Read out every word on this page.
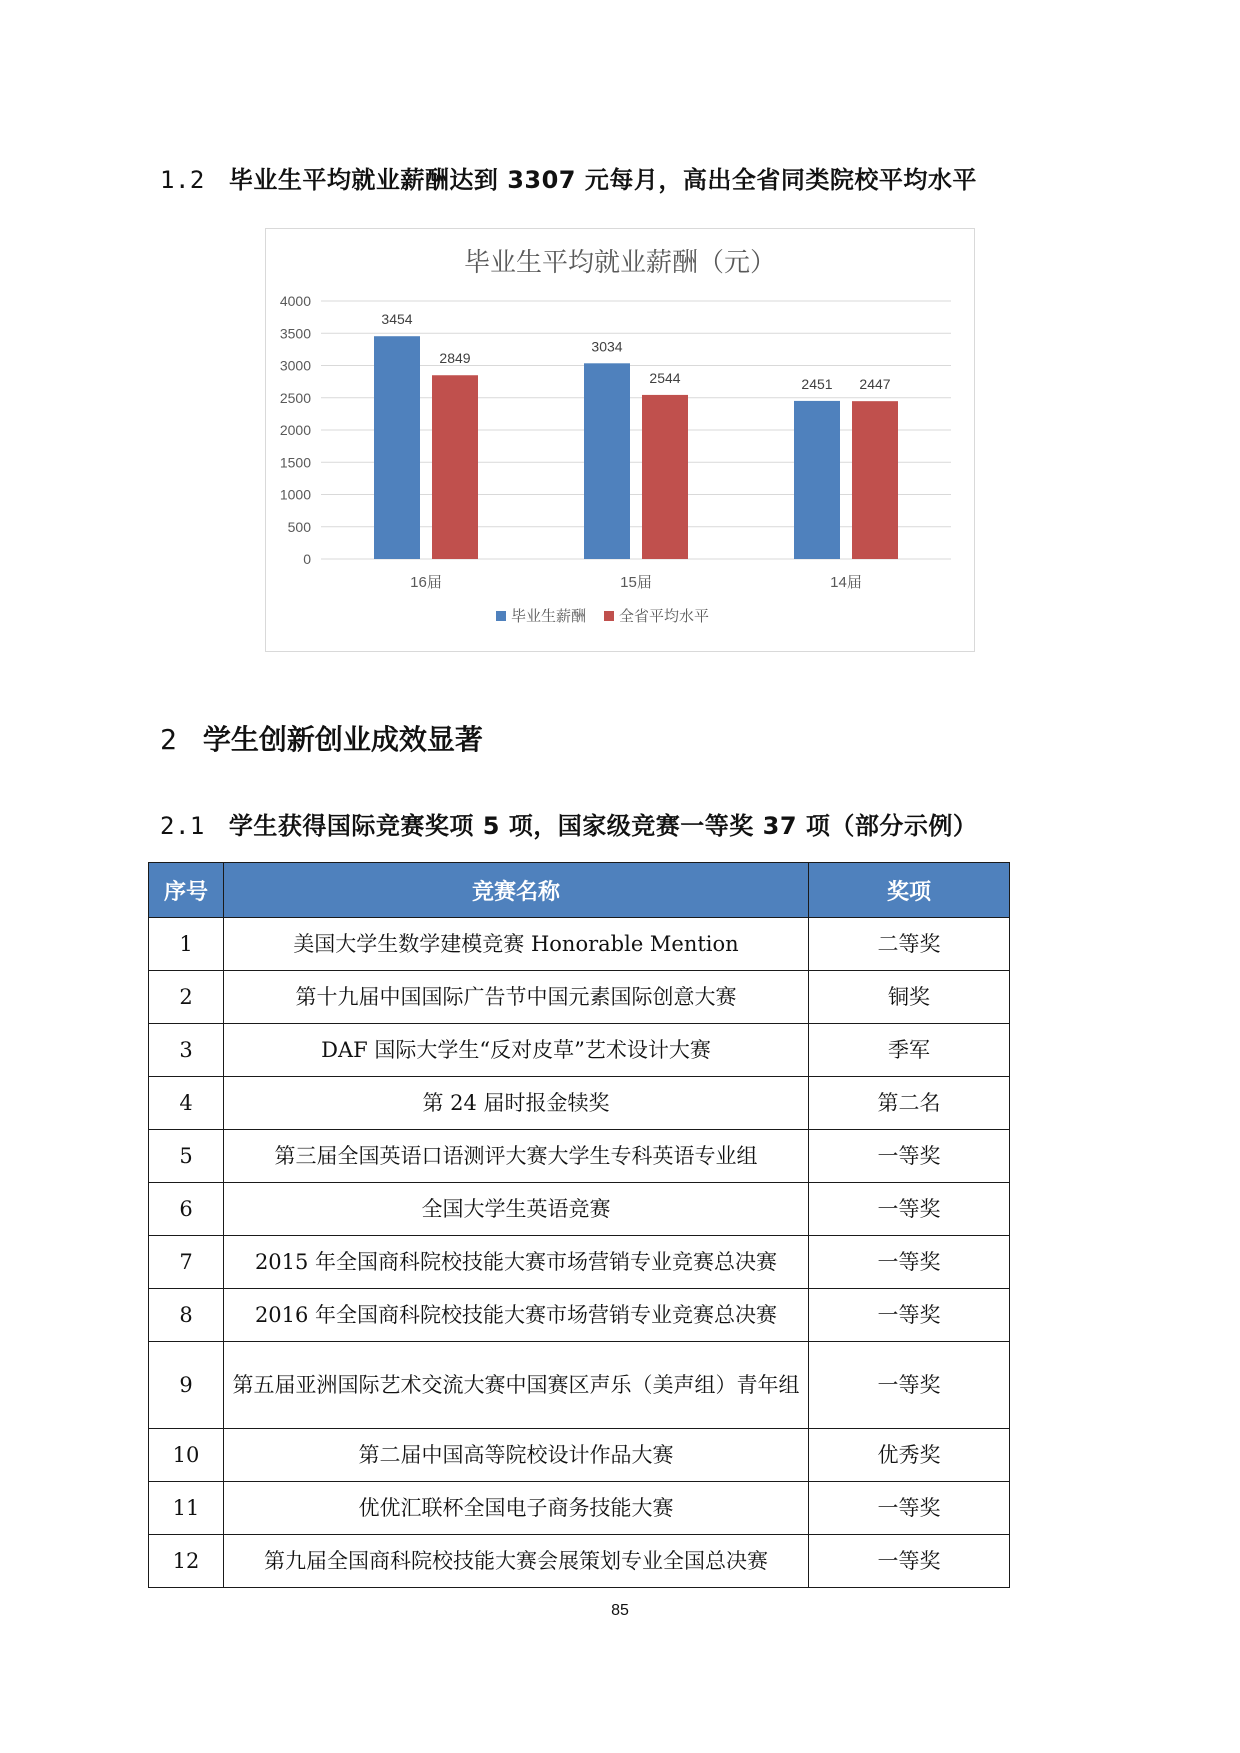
1.2 毕业生平均就业薪酬达到 3307 元每月，高出全省同类院校平均水平
毕业生平均就业薪酬（元）
0
500
1000
1500
2000
2500
3000
3500
4000
3454
2849
16届
3034
2544
15届
2451 2447
14届
毕业生薪酬 全省平均水平
2 学生创新创业成效显著
2.1 学生获得国际竞赛奖项 5 项，国家级竞赛一等奖 37 项（部分示例）
序号	竞赛名称	奖项
1	美国大学生数学建模竞赛 Honorable Mention	二等奖
2	第十九届中国国际广告节中国元素国际创意大赛	铜奖
3	DAF 国际大学生“反对皮草”艺术设计大赛	季军
4	第 24 届时报金犊奖	第二名
5	第三届全国英语口语测评大赛大学生专科英语专业组	一等奖
6	全国大学生英语竞赛	一等奖
7	2015 年全国商科院校技能大赛市场营销专业竞赛总决赛	一等奖
8	2016 年全国商科院校技能大赛市场营销专业竞赛总决赛	一等奖
9	第五届亚洲国际艺术交流大赛中国赛区声乐（美声组）青年组	一等奖
10	第二届中国高等院校设计作品大赛	优秀奖
11	优优汇联杯全国电子商务技能大赛	一等奖
12	第九届全国商科院校技能大赛会展策划专业全国总决赛	一等奖
85
